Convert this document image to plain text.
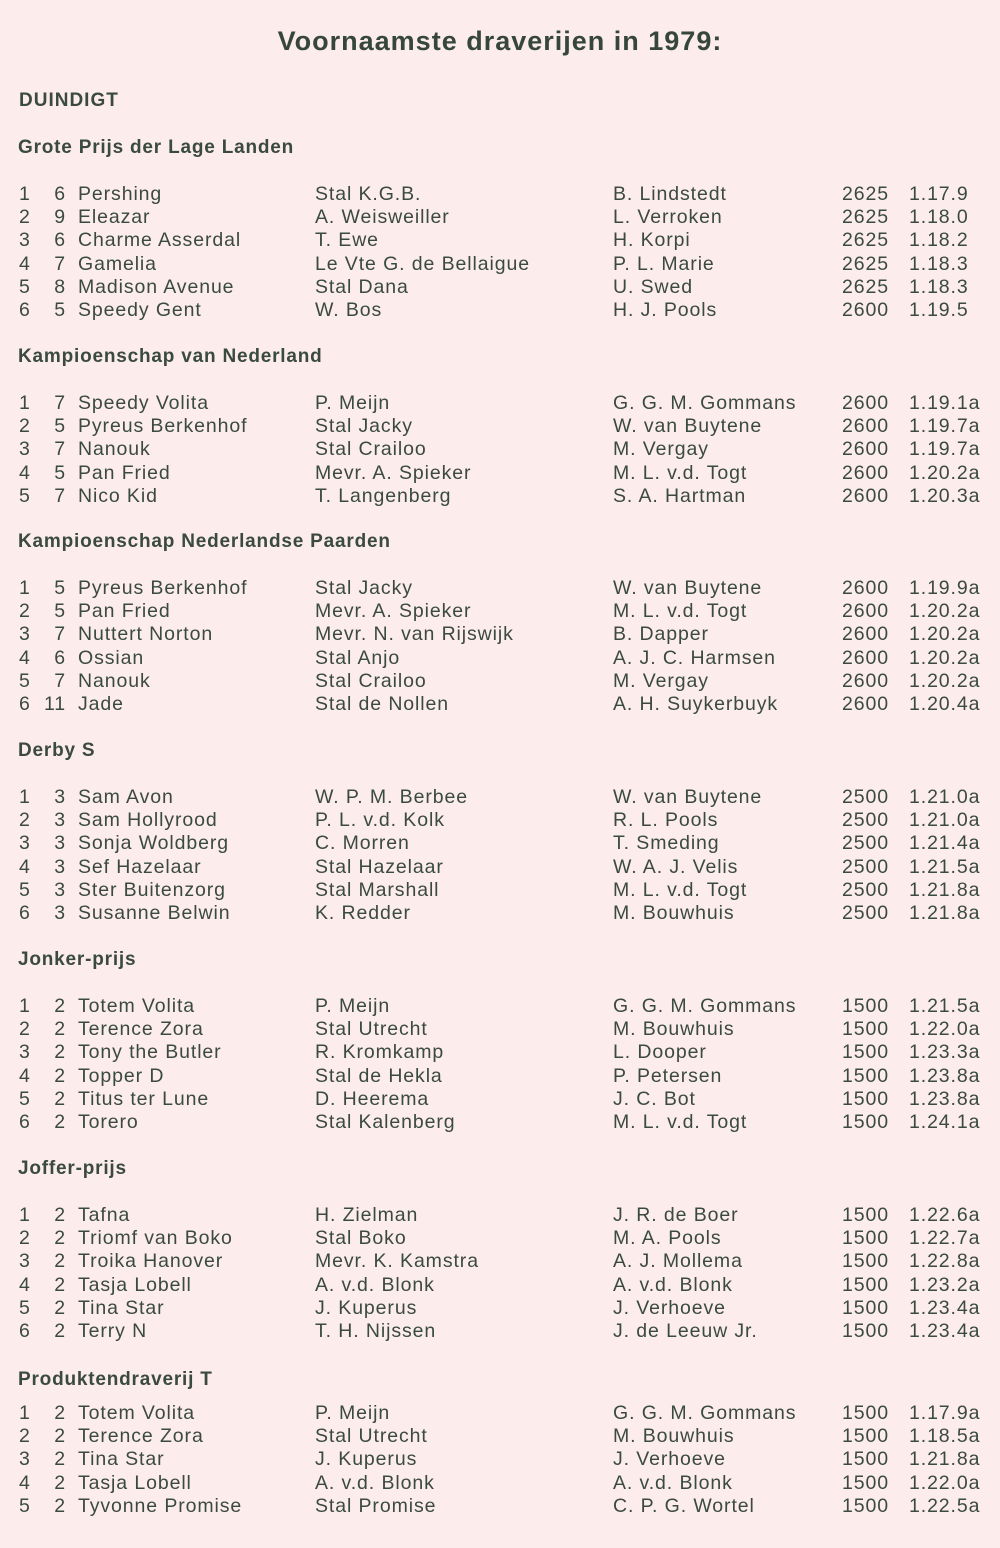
Voornaamste draverijen in 1979:
DUINDIGT
Grote Prijs der Lage Landen
1	6 Pershing	Stal K.G.B.	B. Lindstedt	2625 1.17.9
2	9 Eleazar	A. Weisweiller	L. Verroken	2625 1.18.0
3	6 Charme Asserdal	T. Ewe	H. Korpi	2625 1.18.2
4	7 Gamelia	Le Vte G. de Bellaigue	P. L. Marie	2625 1.18.3
5	8 Madison Avenue	Stal Dana	U. Swed	2625 1.18.3
6	5 Speedy Gent	W. Bos	H. J. Pools	2600 1.19.5
Kampioenschap van Nederland
1	7 Speedy Volita	P. Meijn	G. G. M. Gommans 2600 1.19.1a
2	5 Pyreus Berkenhof	Stal Jacky	W. van Buytene	2600 1.19.7a
3	7 Nanouk	Stal Crailoo	M. Vergay	2600 1.19.7a
4	5 Pan Fried	Mevr. A. Spieker	M. L. v.d. Togt	2600 1.20.2a
5	7 Nico Kid	T. Langenberg	S. A. Hartman	2600 1.20.3a
Kampioenschap Nederlandse Paarden
1	5 Pyreus Berkenhof	Stal Jacky	W. van Buytene	2600 1.19.9a
2	5 Pan Fried	Mevr. A. Spieker	M. L. v.d. Togt	2600 1.20.2a
3	7 Nuttert Norton	Mevr. N. van Rijswijk	B. Dapper	2600 1.20.2a
4	6 Ossian	Stal Anjo	A. J. C. Harmsen	2600 1.20.2a
5	7 Nanouk	Stal Crailoo	M. Vergay	2600 1.20.2a
6 11 Jade	Stal de Nollen	A. H. Suykerbuyk	2600 1.20.4a
Derby S
1	3 Sam Avon	W. P. M. Berbee	W. van Buytene	2500 1.21.0a
2	3 Sam Hollyrood	P. L. v.d. Kolk	R. L. Pools	2500 1.21.0a
3	3 Sonja Woldberg	C. Morren	T. Smeding	2500 1.21.4a
4	3 Sef Hazelaar	Stal Hazelaar	W. A. J. Velis	2500 1.21.5a
5	3 Ster Buitenzorg	Stal Marshall	M. L. v.d. Togt	2500 1.21.8a
6	3 Susanne Belwin	K. Redder	M. Bouwhuis	2500 1.21.8a
Jonker-prijs
1	2 Totem Volita	P. Meijn	G. G. M. Gommans 1500 1.21.5a
2	2 Terence Zora	Stal Utrecht	M. Bouwhuis	1500 1.22.0a
3	2 Tony the Butler	R. Kromkamp	L. Dooper	1500 1.23.3a
4	2 Topper D	Stal de Hekla	P. Petersen	1500 1.23.8a
5	2 Titus ter Lune	D. Heerema	J. C. Bot	1500 1.23.8a
6	2 Torero	Stal Kalenberg	M. L. v.d. Togt	1500 1.24.1a
Joffer-prijs
1	2 Tafna	H. Zielman	J. R. de Boer	1500 1.22.6a
2	2 Triomf van Boko	Stal Boko	M. A. Pools	1500 1.22.7a
3	2 Troika Hanover	Mevr. K. Kamstra	A. J. Mollema	1500 1.22.8a
4	2 Tasja Lobell	A. v.d. Blonk	A. v.d. Blonk	1500 1.23.2a
5	2 Tina Star	J. Kuperus	J. Verhoeve	1500 1.23.4a
6	2 Terry N	T. H. Nijssen	J. de Leeuw Jr.	1500 1.23.4a
Produktendraverij T
1	2 Totem Volita	P. Meijn	G. G. M. Gommans 1500 1.17.9a
2	2 Terence Zora	Stal Utrecht	M. Bouwhuis	1500 1.18.5a
3	2 Tina Star	J. Kuperus	J. Verhoeve	1500 1.21.8a
4	2 Tasja Lobell	A. v.d. Blonk	A. v.d. Blonk	1500 1.22.0a
5	2 Tyvonne Promise	Stal Promise	C. P. G. Wortel	1500 1.22.5a
